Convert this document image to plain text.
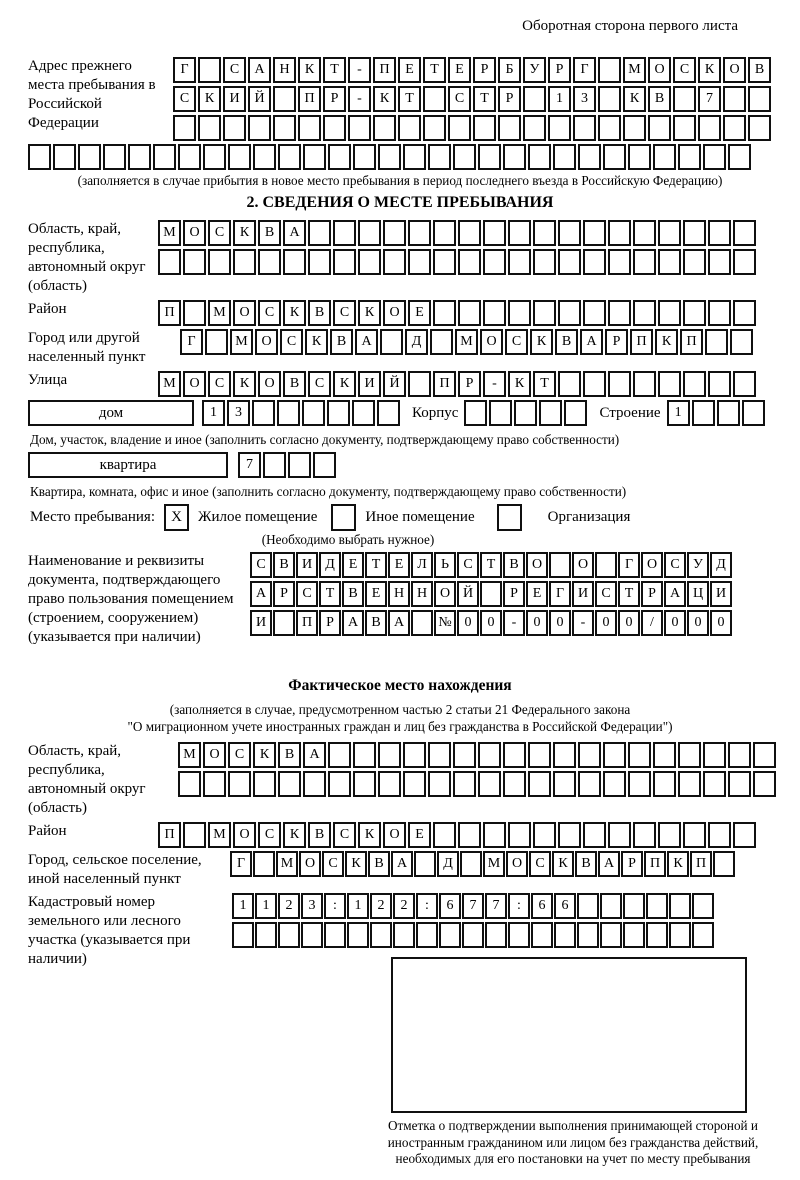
Оборотная сторона первого листа
Адрес прежнего места пребывания в Российской Федерации
Г	С	А	Н	К	Т	-	П	Е	Т	Е	Р	Б	У	Р	Г	М О	С	К	О	В
С	К	И	Й	П	Р	-	К	Т	С	Т	Р	1	3	К	В	7
(заполняется в случае прибытия в новое место пребывания в период последнего въезда в Российскую Федерацию)
2. СВЕДЕНИЯ О МЕСТЕ ПРЕБЫВАНИЯ
Область, край, республика, автономный округ (область)
М О	С	К	В	А
Район	П	М О	С	К	В	С	К	О	Е
Город или другой населенный пункт
Г	М О	С	К	В	А	Д	М О	С	К	В	А	Р	П	К	П
Улица	М О	С	К	О	В	С	К	И	Й	П	Р	-	К	Т
дом	1	3	Корпус	Строение	1
Дом, участок, владение и иное (заполнить согласно документу, подтверждающему право собственности)
квартира	7
Квартира, комната, офис и иное (заполнить согласно документу, подтверждающему право собственности)
Место пребывания:	X	Жилое помещение	Иное помещение	Организация
(Необходимо выбрать нужное)
Наименование и реквизиты документа, подтверждающего право пользования помещением (строением, сооружением) (указывается при наличии)
С В И Д Е	Т	Е Л	Ь	С	Т	В О	О	Г О С У Д
А	Р	С	Т	В	Е Н Н О Й	Р	Е	Г И С	Т	Р	А Ц И
И	П	Р	А В А	№ 0	0	-	0	0	-	0	0	/	0	0	0
Фактическое место нахождения
(заполняется в случае, предусмотренном частью 2 статьи 21 Федерального закона
"О миграционном учете иностранных граждан и лиц без гражданства в Российской Федерации")
Область, край, республика, автономный округ (область)
М О	С	К	В	А
Район	П	М О	С	К	В	С	К	О	Е
Город, сельское поселение, иной населенный пункт
Г	М О С К В А	Д	М О С К В А	Р	П К П
Кадастровый номер земельного или лесного участка (указывается при наличии)
1	1	2	3	:	1	2	2	:	6	7	7	:	6	6
Отметка о подтверждении выполнения принимающей стороной и иностранным гражданином или лицом без гражданства действий, необходимых для его постановки на учет по месту пребывания
